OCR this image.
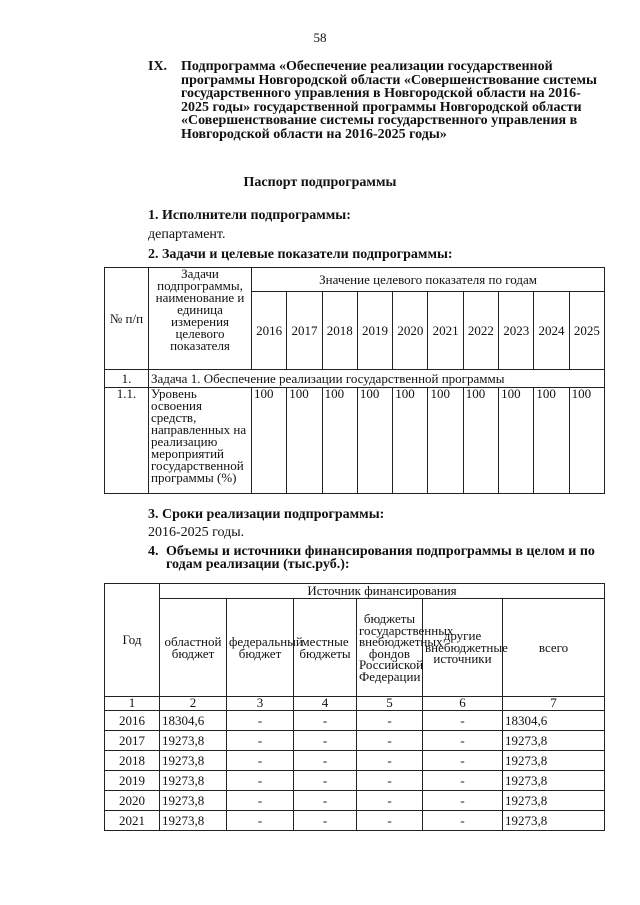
58
IX. Подпрограмма «Обеспечение реализации государственной программы Новгородской области «Совершенствование системы государственного управления в Новгородской области на 2016-2025 годы» государственной программы Новгородской области «Совершенствование системы государственного управления в Новгородской области на 2016-2025 годы»
Паспорт подпрограммы
1. Исполнители подпрограммы:
департамент.
2. Задачи и целевые показатели подпрограммы:
№ п/п	Задачи подпрограммы, наименование и единица измерения целевого показателя	Значение целевого показателя по годам									
		2016	2017	2018	2019	2020	2021	2022	2023	2024	2025
1.	Задача 1. Обеспечение реализации государственной программы										
1.1.	Уровень освоения средств, направленных на реализацию мероприятий государственной программы (%)	100	100	100	100	100	100	100	100	100	100
3. Сроки реализации подпрограммы:
2016-2025 годы.
4. Объемы и источники финансирования подпрограммы в целом и по годам реализации (тыс.руб.):
Год	Источник финансирования					
	областной бюджет	федеральный бюджет	местные бюджеты	бюджеты государственных внебюджетных фондов Российской Федерации	другие внебюджетные источники	всего
1	2	3	4	5	6	7
2016	18304,6	-	-	-	-	18304,6
2017	19273,8	-	-	-	-	19273,8
2018	19273,8	-	-	-	-	19273,8
2019	19273,8	-	-	-	-	19273,8
2020	19273,8	-	-	-	-	19273,8
2021	19273,8	-	-	-	-	19273,8
